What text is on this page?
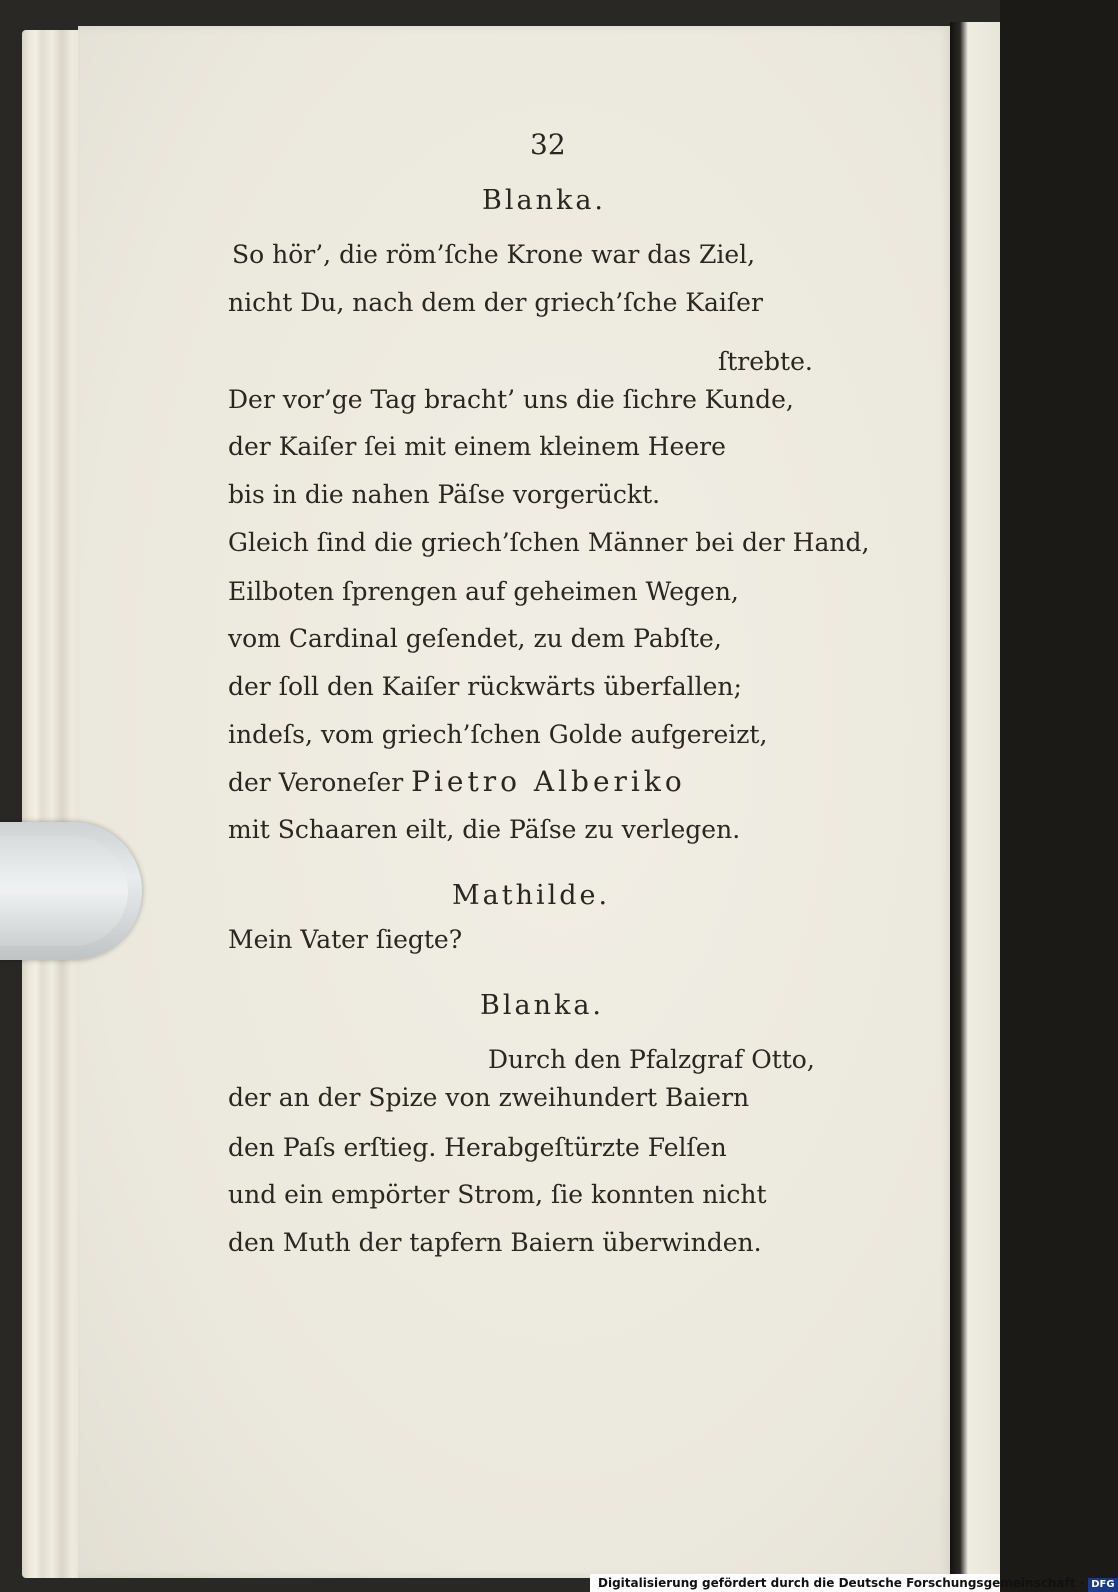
32
Blanka.
So hör’, die röm’ſche Krone war das Ziel,
nicht Du, nach dem der griech’ſche Kaiſer
ſtrebte.
Der vor’ge Tag bracht’ uns die ſichre Kunde,
der Kaiſer ſei mit einem kleinem Heere
bis in die nahen Päſse vorgerückt.
Gleich ſind die griech’ſchen Männer bei der Hand,
Eilboten ſprengen auf geheimen Wegen,
vom Cardinal geſendet, zu dem Pabſte,
der ſoll den Kaiſer rückwärts überfallen;
indeſs, vom griech’ſchen Golde aufgereizt,
der Veroneſer Pietro Alberiko
mit Schaaren eilt, die Päſse zu verlegen.
Mathilde.
Mein Vater ſiegte?
Blanka.
Durch den Pfalzgraf Otto,
der an der Spize von zweihundert Baiern
den Paſs erſtieg. Herabgeſtürzte Felſen
und ein empörter Strom, ſie konnten nicht
den Muth der tapfern Baiern überwinden.
Digitalisierung gefördert durch die Deutsche Forschungsgemeinschaft · DFG
